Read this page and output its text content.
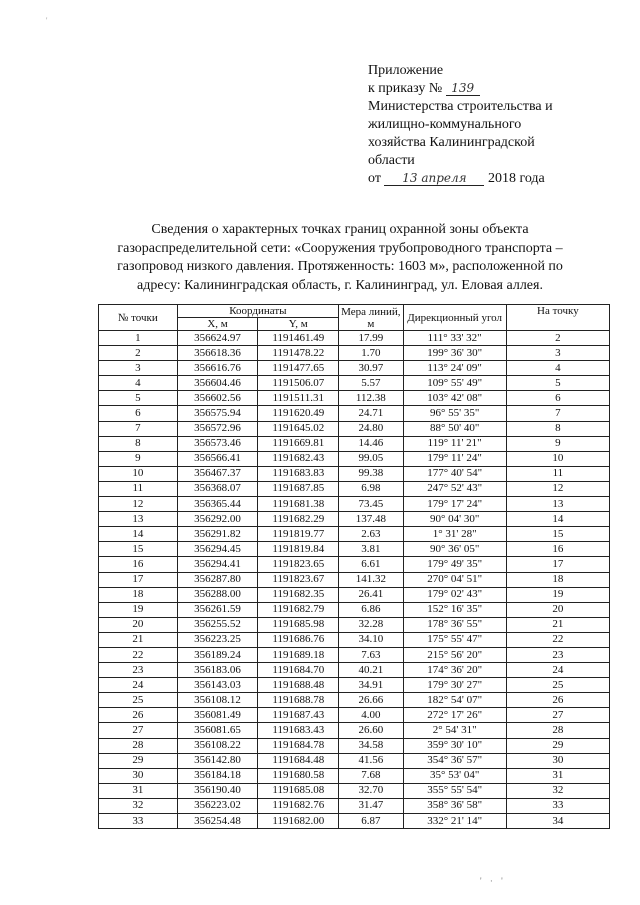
'
Приложение
к приказу № 139
Министерства строительства и
жилищно-коммунального
хозяйства Калининградской
области
от 13 апреля 2018 года
Сведения о характерных точках границ охранной зоны объекта
газораспределительной сети: «Сооружения трубопроводного транспорта –
газопровод низкого давления. Протяженность: 1603 м», расположенной по
адресу: Калининградская область, г. Калининград, ул. Еловая аллея.
№ точки	Координаты		Мера линий, м	Дирекционный угол	На точку
	X, м	Y, м			
1	356624.97	1191461.49	17.99	111° 33' 32"	2
2	356618.36	1191478.22	1.70	199° 36' 30"	3
3	356616.76	1191477.65	30.97	113° 24' 09"	4
4	356604.46	1191506.07	5.57	109° 55' 49"	5
5	356602.56	1191511.31	112.38	103° 42' 08"	6
6	356575.94	1191620.49	24.71	96° 55' 35"	7
7	356572.96	1191645.02	24.80	88° 50' 40"	8
8	356573.46	1191669.81	14.46	119° 11' 21"	9
9	356566.41	1191682.43	99.05	179° 11' 24"	10
10	356467.37	1191683.83	99.38	177° 40' 54"	11
11	356368.07	1191687.85	6.98	247° 52' 43"	12
12	356365.44	1191681.38	73.45	179° 17' 24"	13
13	356292.00	1191682.29	137.48	90° 04' 30"	14
14	356291.82	1191819.77	2.63	1° 31' 28"	15
15	356294.45	1191819.84	3.81	90° 36' 05"	16
16	356294.41	1191823.65	6.61	179° 49' 35"	17
17	356287.80	1191823.67	141.32	270° 04' 51"	18
18	356288.00	1191682.35	26.41	179° 02' 43"	19
19	356261.59	1191682.79	6.86	152° 16' 35"	20
20	356255.52	1191685.98	32.28	178° 36' 55"	21
21	356223.25	1191686.76	34.10	175° 55' 47"	22
22	356189.24	1191689.18	7.63	215° 56' 20"	23
23	356183.06	1191684.70	40.21	174° 36' 20"	24
24	356143.03	1191688.48	34.91	179° 30' 27"	25
25	356108.12	1191688.78	26.66	182° 54' 07"	26
26	356081.49	1191687.43	4.00	272° 17' 26"	27
27	356081.65	1191683.43	26.60	2° 54' 31"	28
28	356108.22	1191684.78	34.58	359° 30' 10"	29
29	356142.80	1191684.48	41.56	354° 36' 57"	30
30	356184.18	1191680.58	7.68	35° 53' 04"	31
31	356190.40	1191685.08	32.70	355° 55' 54"	32
32	356223.02	1191682.76	31.47	358° 36' 58"	33
33	356254.48	1191682.00	6.87	332° 21' 14"	34
' · '
